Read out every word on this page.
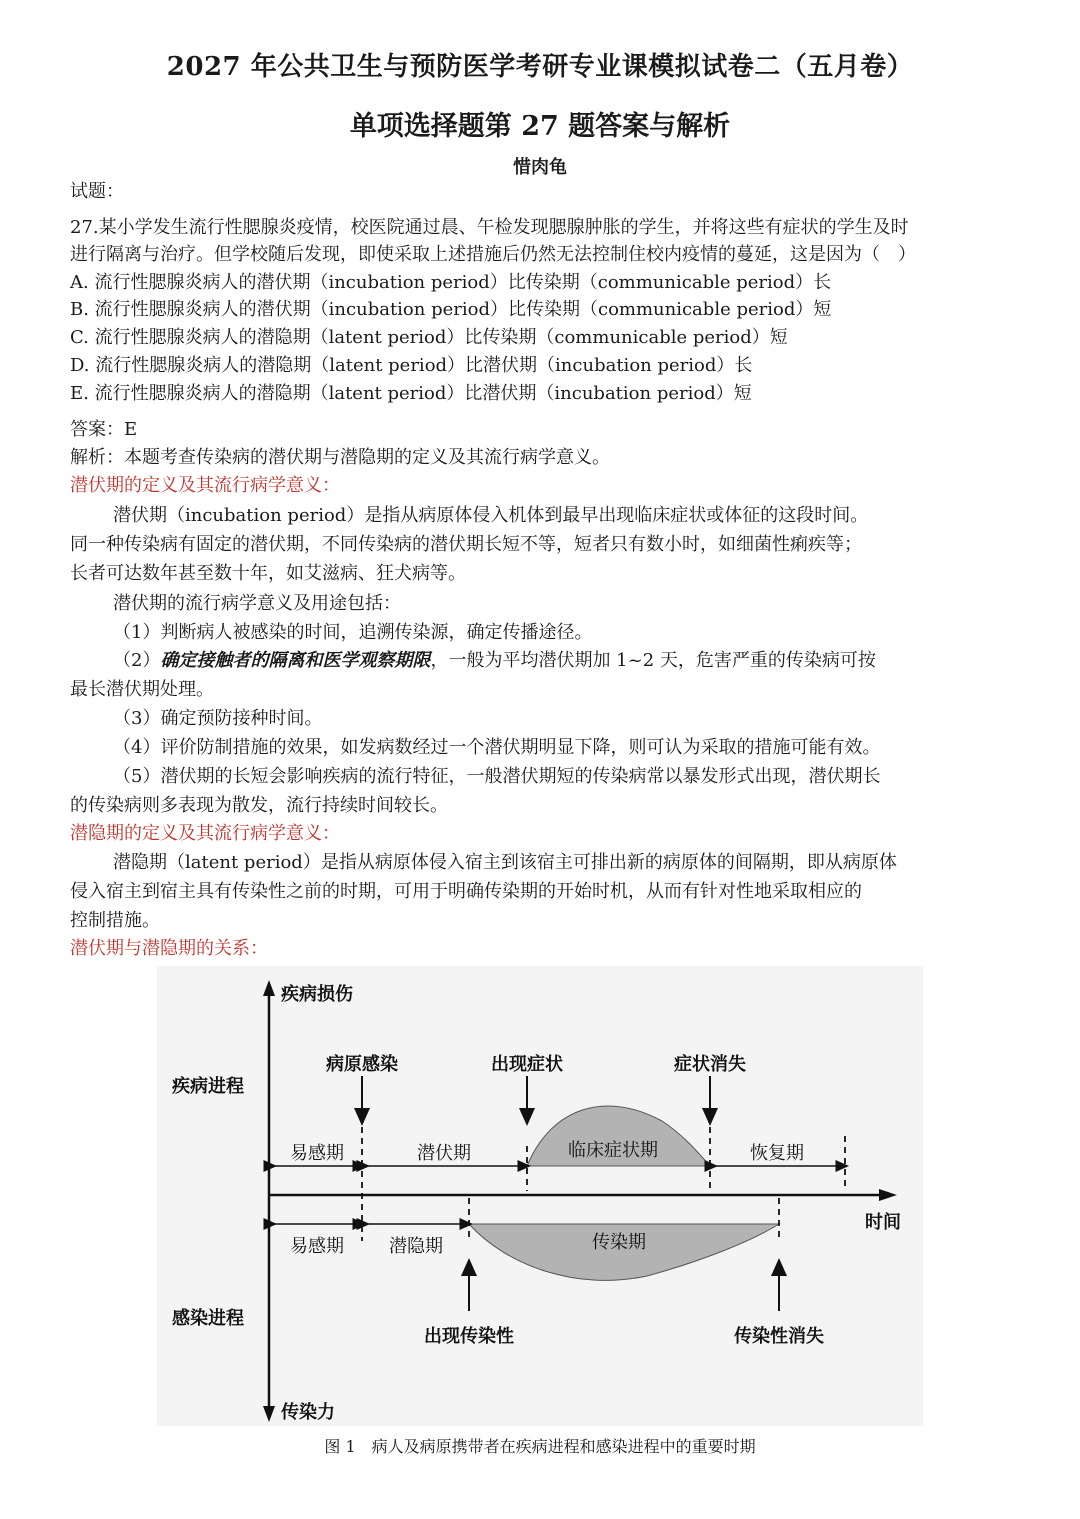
2027 年公共卫生与预防医学考研专业课模拟试卷二（五月卷）
单项选择题第 27 题答案与解析
惜肉龟
试题：
27.某小学发生流行性腮腺炎疫情，校医院通过晨、午检发现腮腺肿胀的学生，并将这些有症状的学生及时
进行隔离与治疗。但学校随后发现，即使采取上述措施后仍然无法控制住校内疫情的蔓延，这是因为（　）
A. 流行性腮腺炎病人的潜伏期（incubation period）比传染期（communicable period）长
B. 流行性腮腺炎病人的潜伏期（incubation period）比传染期（communicable period）短
C. 流行性腮腺炎病人的潜隐期（latent period）比传染期（communicable period）短
D. 流行性腮腺炎病人的潜隐期（latent period）比潜伏期（incubation period）长
E. 流行性腮腺炎病人的潜隐期（latent period）比潜伏期（incubation period）短
答案：E
解析：本题考查传染病的潜伏期与潜隐期的定义及其流行病学意义。
潜伏期的定义及其流行病学意义：
潜伏期（incubation period）是指从病原体侵入机体到最早出现临床症状或体征的这段时间。
同一种传染病有固定的潜伏期，不同传染病的潜伏期长短不等，短者只有数小时，如细菌性痢疾等；
长者可达数年甚至数十年，如艾滋病、狂犬病等。
潜伏期的流行病学意义及用途包括：
（1）判断病人被感染的时间，追溯传染源，确定传播途径。
（2）确定接触者的隔离和医学观察期限，一般为平均潜伏期加 1~2 天，危害严重的传染病可按
最长潜伏期处理。
（3）确定预防接种时间。
（4）评价防制措施的效果，如发病数经过一个潜伏期明显下降，则可认为采取的措施可能有效。
（5）潜伏期的长短会影响疾病的流行特征，一般潜伏期短的传染病常以暴发形式出现，潜伏期长
的传染病则多表现为散发，流行持续时间较长。
潜隐期的定义及其流行病学意义：
潜隐期（latent period）是指从病原体侵入宿主到该宿主可排出新的病原体的间隔期，即从病原体
侵入宿主到宿主具有传染性之前的时期，可用于明确传染期的开始时机，从而有针对性地采取相应的
控制措施。
潜伏期与潜隐期的关系：
疾病损伤
传染力
时间
疾病进程
感染进程
病原感染	出现症状	症状消失
出现传染性	传染性消失
易感期	潜伏期	临床症状期	恢复期
易感期	潜隐期	传染期
图 1　病人及病原携带者在疾病进程和感染进程中的重要时期
